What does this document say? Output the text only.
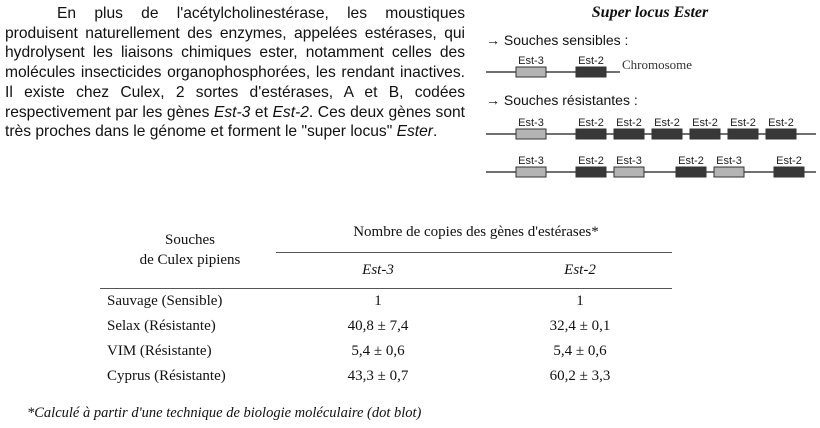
En plus de l'acétylcholinestérase, les moustiques produisent naturellement des enzymes, appelées estérases, qui hydrolysent les liaisons chimiques ester, notamment celles des molécules insecticides organophosphorées, les rendant inactives. Il existe chez Culex, 2 sortes d'estérases, A et B, codées respectivement par les gènes Est-3 et Est-2. Ces deux gènes sont très proches dans le génome et forment le "super locus" Ester.

Super locus Ester
→ Souches sensibles :
→ Souches résistantes :
Est-3	Est-2 Chromosome
Est-3	Est-2 Est-2 Est-2 Est-2 Est-2 Est-2
Est-3	Est-2 Est-3	Est-2 Est-3	Est-2
Souches
de Culex pipiens
Nombre de copies des gènes d'estérases*
Est-3	Est-2
Sauvage (Sensible)	1	1
Selax (Résistante)	40,8 ± 7,4	32,4 ± 0,1
VIM (Résistante)	5,4 ± 0,6	5,4 ± 0,6
Cyprus (Résistante)	43,3 ± 0,7	60,2 ± 3,3
*Calculé à partir d'une technique de biologie moléculaire (dot blot)
